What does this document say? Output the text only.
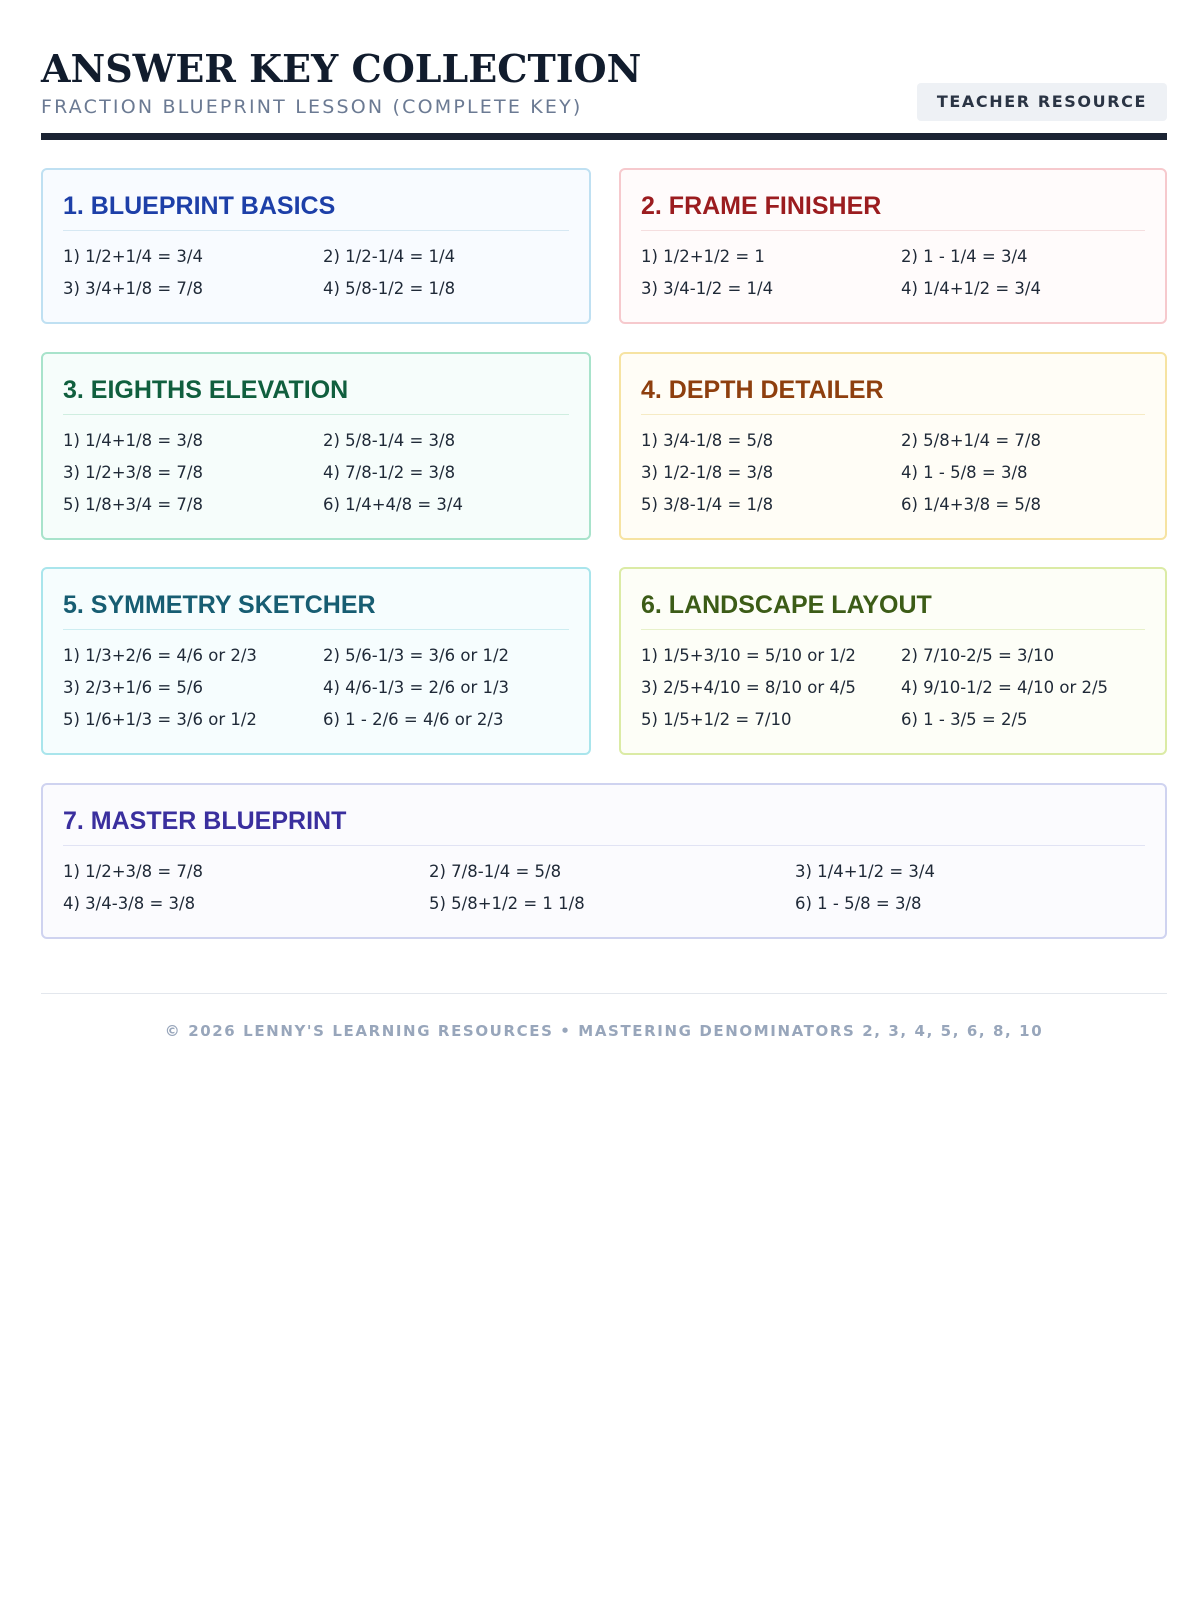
ANSWER KEY COLLECTION
FRACTION BLUEPRINT LESSON (COMPLETE KEY)	TEACHER RESOURCE
1. BLUEPRINT BASICS
1) 1/2+1/4 = 3/4	2) 1/2-1/4 = 1/4
3) 3/4+1/8 = 7/8	4) 5/8-1/2 = 1/8
2. FRAME FINISHER
1) 1/2+1/2 = 1	2) 1 - 1/4 = 3/4
3) 3/4-1/2 = 1/4	4) 1/4+1/2 = 3/4
3. EIGHTHS ELEVATION
1) 1/4+1/8 = 3/8	2) 5/8-1/4 = 3/8
3) 1/2+3/8 = 7/8	4) 7/8-1/2 = 3/8
5) 1/8+3/4 = 7/8	6) 1/4+4/8 = 3/4
4. DEPTH DETAILER
1) 3/4-1/8 = 5/8	2) 5/8+1/4 = 7/8
3) 1/2-1/8 = 3/8	4) 1 - 5/8 = 3/8
5) 3/8-1/4 = 1/8	6) 1/4+3/8 = 5/8
5. SYMMETRY SKETCHER
1) 1/3+2/6 = 4/6 or 2/3	2) 5/6-1/3 = 3/6 or 1/2
3) 2/3+1/6 = 5/6	4) 4/6-1/3 = 2/6 or 1/3
5) 1/6+1/3 = 3/6 or 1/2	6) 1 - 2/6 = 4/6 or 2/3
6. LANDSCAPE LAYOUT
1) 1/5+3/10 = 5/10 or 1/2	2) 7/10-2/5 = 3/10
3) 2/5+4/10 = 8/10 or 4/5	4) 9/10-1/2 = 4/10 or 2/5
5) 1/5+1/2 = 7/10	6) 1 - 3/5 = 2/5
7. MASTER BLUEPRINT
1) 1/2+3/8 = 7/8	2) 7/8-1/4 = 5/8	3) 1/4+1/2 = 3/4
4) 3/4-3/8 = 3/8	5) 5/8+1/2 = 1 1/8	6) 1 - 5/8 = 3/8
© 2026 LENNY'S LEARNING RESOURCES • MASTERING DENOMINATORS 2, 3, 4, 5, 6, 8, 10
